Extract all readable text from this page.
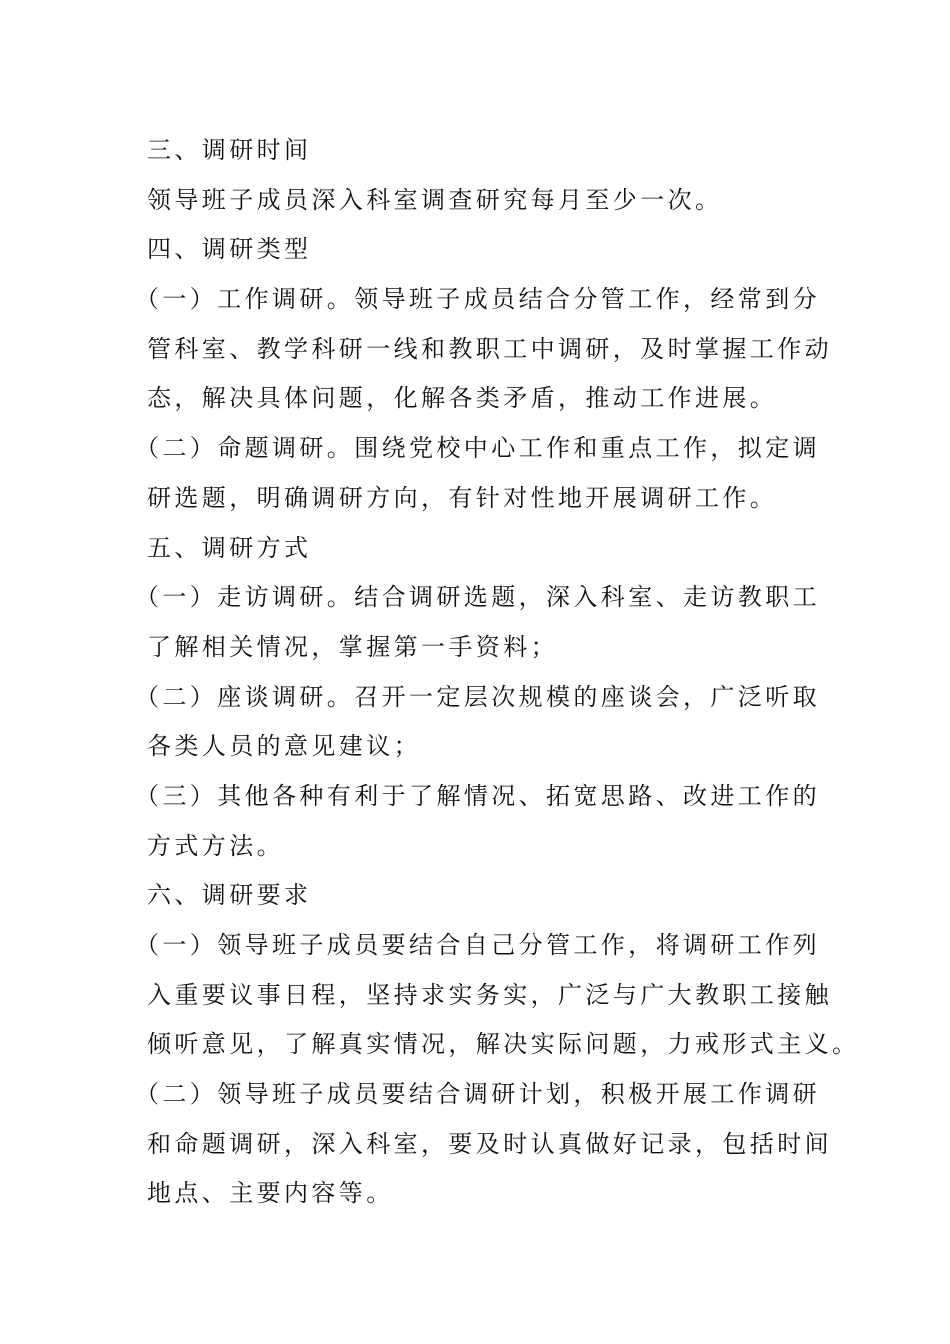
三、调研时间
领导班子成员深入科室调查研究每月至少一次。
四、调研类型
（一）工作调研。领导班子成员结合分管工作，经常到分
管科室、教学科研一线和教职工中调研，及时掌握工作动
态，解决具体问题，化解各类矛盾，推动工作进展。
（二）命题调研。围绕党校中心工作和重点工作，拟定调
研选题，明确调研方向，有针对性地开展调研工作。
五、调研方式
（一）走访调研。结合调研选题，深入科室、走访教职工
了解相关情况，掌握第一手资料；
（二）座谈调研。召开一定层次规模的座谈会，广泛听取
各类人员的意见建议；
（三）其他各种有利于了解情况、拓宽思路、改进工作的
方式方法。
六、调研要求
（一）领导班子成员要结合自己分管工作，将调研工作列
入重要议事日程，坚持求实务实，广泛与广大教职工接触
倾听意见，了解真实情况，解决实际问题，力戒形式主义。
（二）领导班子成员要结合调研计划，积极开展工作调研
和命题调研，深入科室，要及时认真做好记录，包括时间
地点、主要内容等。
